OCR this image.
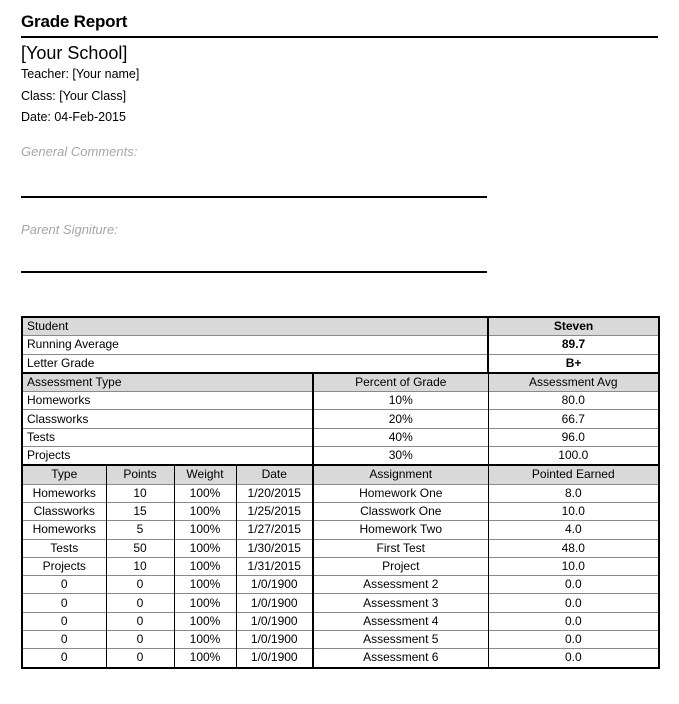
Grade Report
[Your School]
Teacher: [Your name]
Class: [Your Class]
Date: 04-Feb-2015
General Comments:
Parent Signiture:
Student					Steven
Running Average					89.7
Letter Grade					B+
Assessment Type				Percent of Grade	Assessment Avg
Homeworks				10%	80.0
Classworks				20%	66.7
Tests				40%	96.0
Projects				30%	100.0
Type	Points	Weight	Date	Assignment	Pointed Earned
Homeworks	10	100%	1/20/2015	Homework One	8.0
Classworks	15	100%	1/25/2015	Classwork One	10.0
Homeworks	5	100%	1/27/2015	Homework Two	4.0
Tests	50	100%	1/30/2015	First Test	48.0
Projects	10	100%	1/31/2015	Project	10.0
0	0	100%	1/0/1900	Assessment 2	0.0
0	0	100%	1/0/1900	Assessment 3	0.0
0	0	100%	1/0/1900	Assessment 4	0.0
0	0	100%	1/0/1900	Assessment 5	0.0
0	0	100%	1/0/1900	Assessment 6	0.0
